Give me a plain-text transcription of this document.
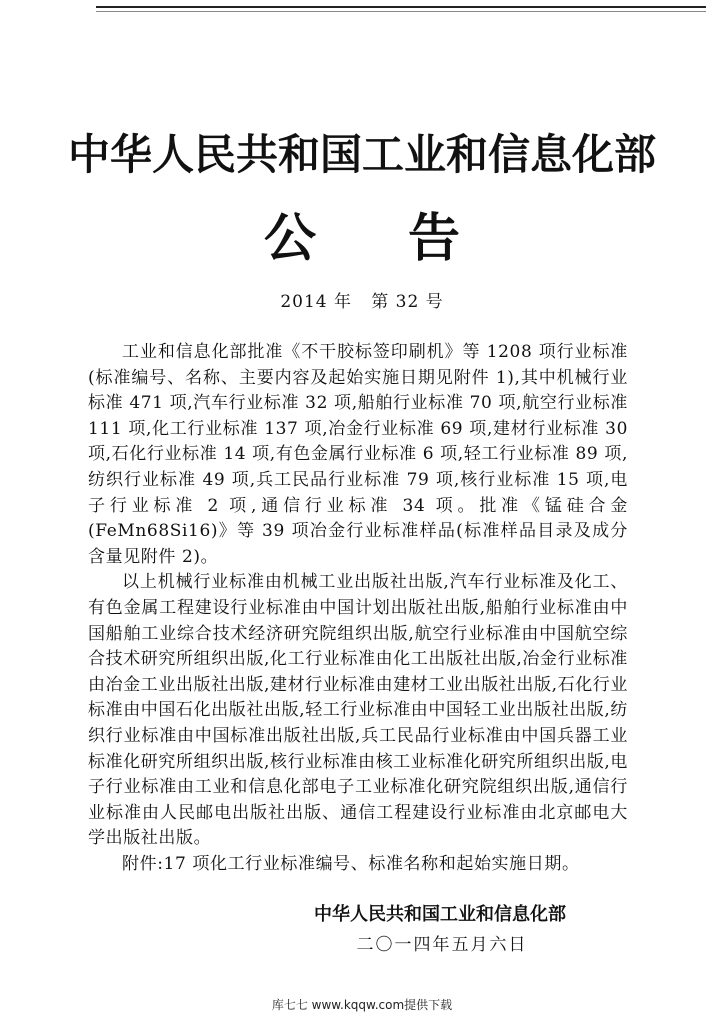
中华人民共和国工业和信息化部
公告
2014 年 第 32 号

工业和信息化部批准《不干胶标签印刷机》等 1208 项行业标准(标准编号、名称、主要内容及起始实施日期见附件 1),其中机械行业标准 471 项,汽车行业标准 32 项,船舶行业标准 70 项,航空行业标准 111 项,化工行业标准 137 项,冶金行业标准 69 项,建材行业标准 30 项,石化行业标准 14 项,有色金属行业标准 6 项,轻工行业标准 89 项,纺织行业标准 49 项,兵工民品行业标准 79 项,核行业标准 15 项,电子行业标准 2 项,通信行业标准 34 项。批准《锰硅合金(FeMn68Si16)》等 39 项冶金行业标准样品(标准样品目录及成分含量见附件 2)。

以上机械行业标准由机械工业出版社出版,汽车行业标准及化工、有色金属工程建设行业标准由中国计划出版社出版,船舶行业标准由中国船舶工业综合技术经济研究院组织出版,航空行业标准由中国航空综合技术研究所组织出版,化工行业标准由化工出版社出版,冶金行业标准由冶金工业出版社出版,建材行业标准由建材工业出版社出版,石化行业标准由中国石化出版社出版,轻工行业标准由中国轻工业出版社出版,纺织行业标准由中国标准出版社出版,兵工民品行业标准由中国兵器工业标准化研究所组织出版,核行业标准由核工业标准化研究所组织出版,电子行业标准由工业和信息化部电子工业标准化研究院组织出版,通信行业标准由人民邮电出版社出版、通信工程建设行业标准由北京邮电大学出版社出版。

附件:17 项化工行业标准编号、标准名称和起始实施日期。

中华人民共和国工业和信息化部
二〇一四年五月六日
库七七 www.kqqw.com提供下载
